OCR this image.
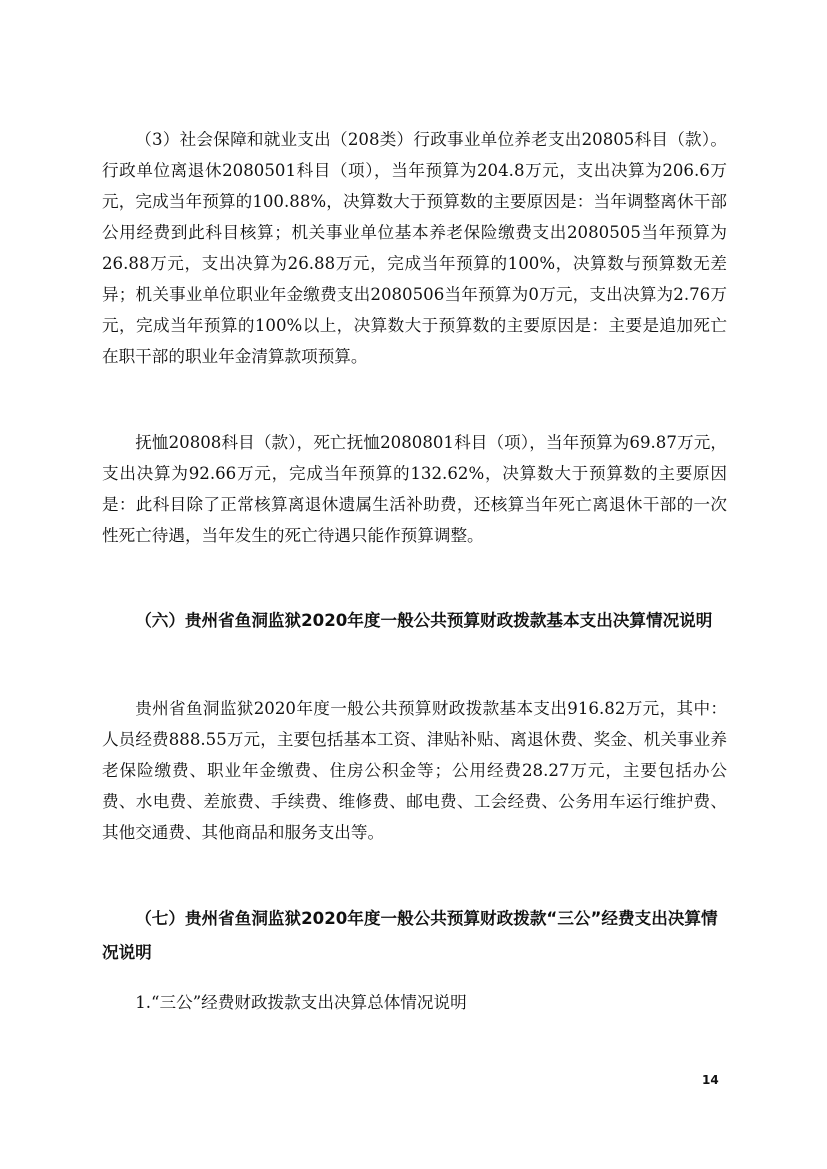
（3）社会保障和就业支出（208类）行政事业单位养老支出20805科目（款）。行政单位离退休2080501科目（项），当年预算为204.8万元，支出决算为206.6万元，完成当年预算的100.88%，决算数大于预算数的主要原因是：当年调整离休干部公用经费到此科目核算；机关事业单位基本养老保险缴费支出2080505当年预算为26.88万元，支出决算为26.88万元，完成当年预算的100%，决算数与预算数无差异；机关事业单位职业年金缴费支出2080506当年预算为0万元，支出决算为2.76万元，完成当年预算的100%以上，决算数大于预算数的主要原因是：主要是追加死亡在职干部的职业年金清算款项预算。

抚恤20808科目（款），死亡抚恤2080801科目（项），当年预算为69.87万元，支出决算为92.66万元，完成当年预算的132.62%，决算数大于预算数的主要原因是：此科目除了正常核算离退休遗属生活补助费，还核算当年死亡离退休干部的一次性死亡待遇，当年发生的死亡待遇只能作预算调整。

（六）贵州省鱼洞监狱2020年度一般公共预算财政拨款基本支出决算情况说明

贵州省鱼洞监狱2020年度一般公共预算财政拨款基本支出916.82万元，其中：人员经费888.55万元，主要包括基本工资、津贴补贴、离退休费、奖金、机关事业养老保险缴费、职业年金缴费、住房公积金等；公用经费28.27万元，主要包括办公费、水电费、差旅费、手续费、维修费、邮电费、工会经费、公务用车运行维护费、其他交通费、其他商品和服务支出等。

（七）贵州省鱼洞监狱2020年度一般公共预算财政拨款“三公”经费支出决算情况说明

1.“三公”经费财政拨款支出决算总体情况说明

14
